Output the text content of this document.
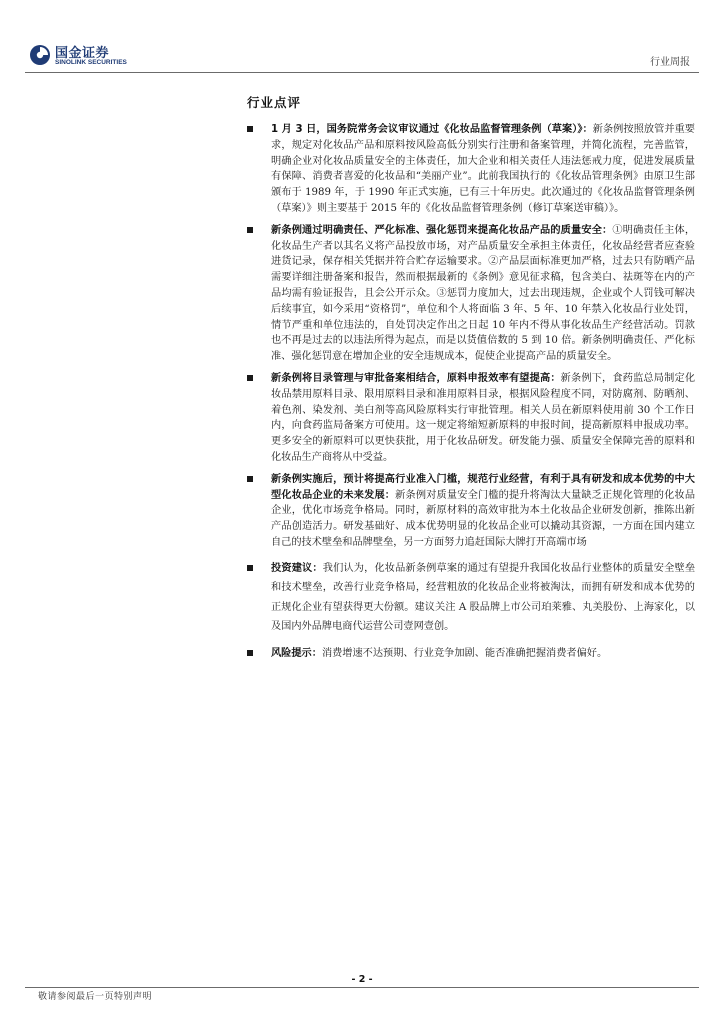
国金证券
SINOLINK SECURITIES	行业周报
行业点评
1 月 3 日，国务院常务会议审议通过《化妆品监督管理条例（草案）》：新条例按照放管并重要求，规定对化妆品产品和原料按风险高低分别实行注册和备案管理，并简化流程，完善监管，明确企业对化妆品质量安全的主体责任，加大企业和相关责任人违法惩戒力度，促进发展质量有保障、消费者喜爱的化妆品和“美丽产业”。此前我国执行的《化妆品管理条例》由原卫生部颁布于 1989 年，于 1990 年正式实施，已有三十年历史。此次通过的《化妆品监督管理条例（草案）》则主要基于 2015 年的《化妆品监督管理条例（修订草案送审稿）》。
新条例通过明确责任、严化标准、强化惩罚来提高化妆品产品的质量安全：①明确责任主体，化妆品生产者以其名义将产品投放市场，对产品质量安全承担主体责任，化妆品经营者应查验进货记录，保存相关凭据并符合贮存运输要求。②产品层面标准更加严格，过去只有防晒产品需要详细注册备案和报告，然而根据最新的《条例》意见征求稿，包含美白、祛斑等在内的产品均需有验证报告，且会公开示众。③惩罚力度加大，过去出现违规，企业或个人罚钱可解决后续事宜，如今采用“资格罚”，单位和个人将面临 3 年、5 年、10 年禁入化妆品行业处罚，情节严重和单位违法的，自处罚决定作出之日起 10 年内不得从事化妆品生产经营活动。罚款也不再是过去的以违法所得为起点，而是以货值倍数的 5 到 10 倍。新条例明确责任、严化标准、强化惩罚意在增加企业的安全违规成本，促使企业提高产品的质量安全。
新条例将目录管理与审批备案相结合，原料申报效率有望提高：新条例下，食药监总局制定化妆品禁用原料目录、限用原料目录和准用原料目录，根据风险程度不同，对防腐剂、防晒剂、着色剂、染发剂、美白剂等高风险原料实行审批管理。相关人员在新原料使用前 30 个工作日内，向食药监局备案方可使用。这一规定将缩短新原料的申报时间，提高新原料申报成功率。更多安全的新原料可以更快获批，用于化妆品研发。研发能力强、质量安全保障完善的原料和化妆品生产商将从中受益。
新条例实施后，预计将提高行业准入门槛，规范行业经营，有利于具有研发和成本优势的中大型化妆品企业的未来发展：新条例对质量安全门槛的提升将淘汰大量缺乏正规化管理的化妆品企业，优化市场竞争格局。同时，新原材料的高效审批为本土化妆品企业研发创新，推陈出新产品创造活力。研发基础好、成本优势明显的化妆品企业可以撬动其资源，一方面在国内建立自己的技术壁垒和品牌壁垒，另一方面努力追赶国际大牌打开高端市场
投资建议：我们认为，化妆品新条例草案的通过有望提升我国化妆品行业整体的质量安全壁垒和技术壁垒，改善行业竞争格局，经营粗放的化妆品企业将被淘汰，而拥有研发和成本优势的正规化企业有望获得更大份额。建议关注 A 股品牌上市公司珀莱雅、丸美股份、上海家化，以及国内外品牌电商代运营公司壹网壹创。
风险提示：消费增速不达预期、行业竞争加剧、能否准确把握消费者偏好。
- 2 -
敬请参阅最后一页特别声明
